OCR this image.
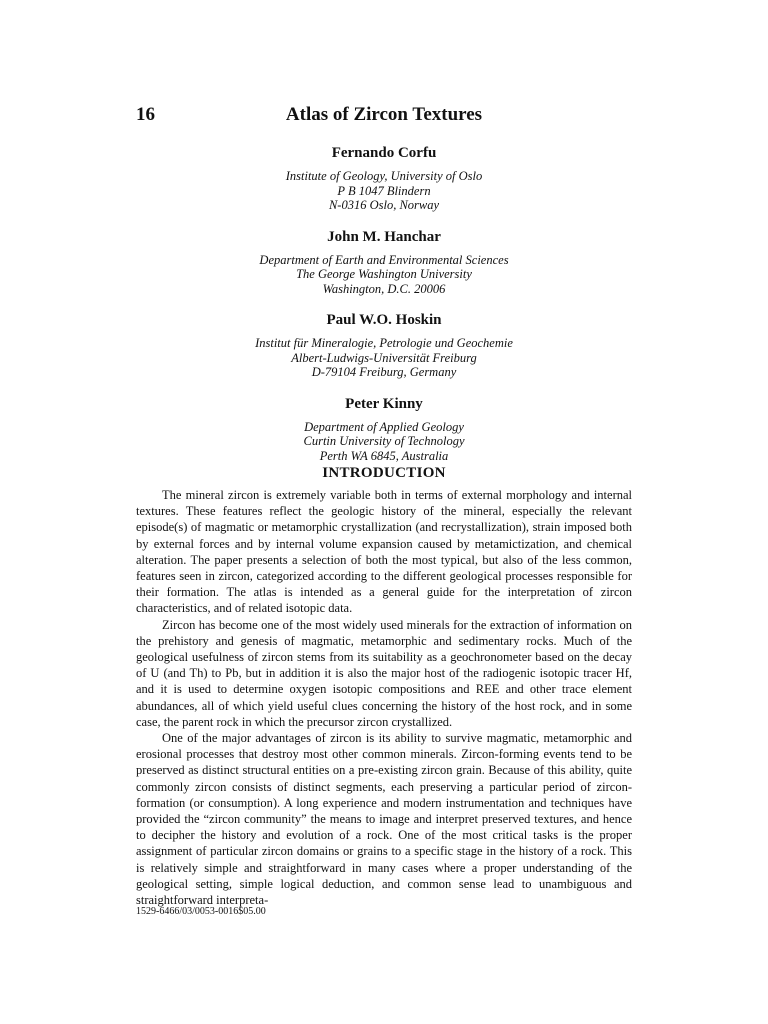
16	Atlas of Zircon Textures
Fernando Corfu
Institute of Geology, University of Oslo
P B 1047 Blindern
N-0316 Oslo, Norway
John M. Hanchar
Department of Earth and Environmental Sciences
The George Washington University
Washington, D.C. 20006
Paul W.O. Hoskin
Institut für Mineralogie, Petrologie und Geochemie
Albert-Ludwigs-Universität Freiburg
D-79104 Freiburg, Germany
Peter Kinny
Department of Applied Geology
Curtin University of Technology
Perth WA 6845, Australia
INTRODUCTION

The mineral zircon is extremely variable both in terms of external morphology and internal textures. These features reflect the geologic history of the mineral, especially the relevant episode(s) of magmatic or metamorphic crystallization (and recrystallization), strain imposed both by external forces and by internal volume expansion caused by metamictization, and chemical alteration. The paper presents a selection of both the most typical, but also of the less common, features seen in zircon, categorized according to the different geological processes responsible for their formation. The atlas is intended as a general guide for the interpretation of zircon characteristics, and of related isotopic data.

Zircon has become one of the most widely used minerals for the extraction of information on the prehistory and genesis of magmatic, metamorphic and sedimentary rocks. Much of the geological usefulness of zircon stems from its suitability as a geochronometer based on the decay of U (and Th) to Pb, but in addition it is also the major host of the radiogenic isotopic tracer Hf, and it is used to determine oxygen isotopic compositions and REE and other trace element abundances, all of which yield useful clues concerning the history of the host rock, and in some case, the parent rock in which the precursor zircon crystallized.

One of the major advantages of zircon is its ability to survive magmatic, metamorphic and erosional processes that destroy most other common minerals. Zircon-forming events tend to be preserved as distinct structural entities on a pre-existing zircon grain. Because of this ability, quite commonly zircon consists of distinct segments, each preserving a particular period of zircon-formation (or consumption). A long experience and modern instrumentation and techniques have provided the “zircon community” the means to image and interpret preserved textures, and hence to decipher the history and evolution of a rock. One of the most critical tasks is the proper assignment of particular zircon domains or grains to a specific stage in the history of a rock. This is relatively simple and straightforward in many cases where a proper understanding of the geological setting, simple logical deduction, and common sense lead to unambiguous and straightforward interpreta-

1529-6466/03/0053-0016$05.00
